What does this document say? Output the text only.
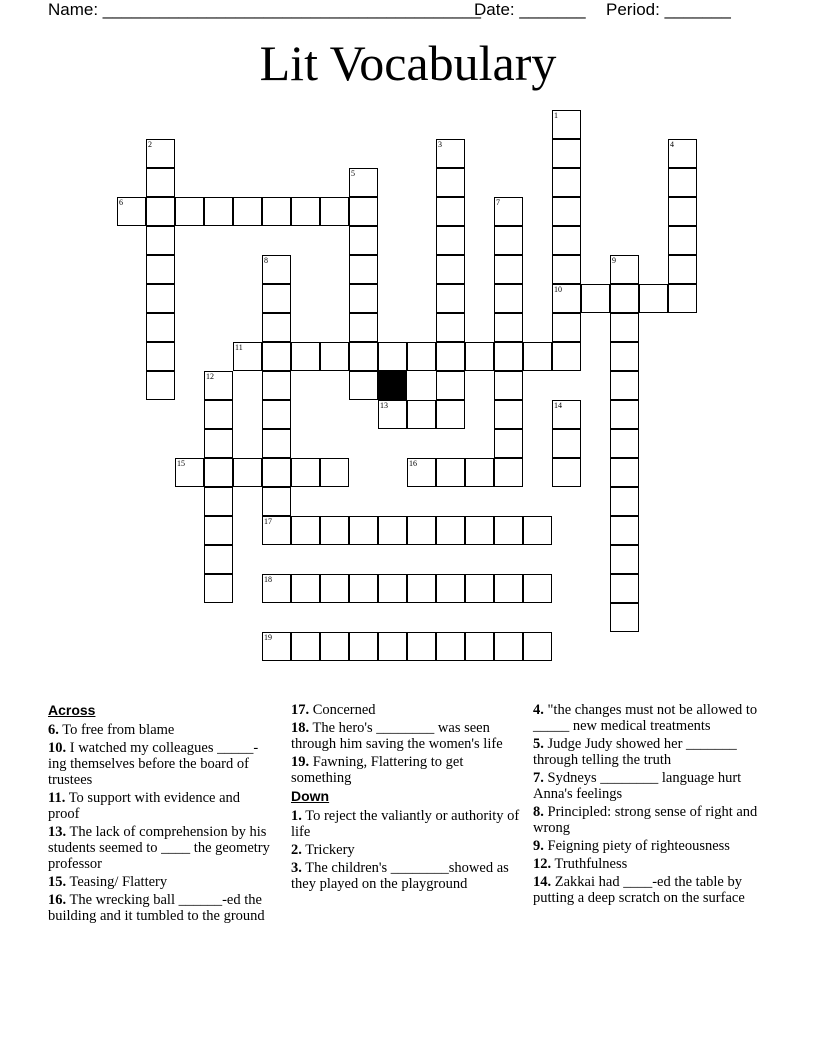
Name: ________________________________________
Date: _______ Period: _______
Lit Vocabulary
1
10
2	3	4
5
6	7
8
17
9
11
12
13	14
15	16
18
19
Across
6. To free from blame
10. I watched my colleagues _____-ing themselves before the board of trustees
11. To support with evidence and proof
13. The lack of comprehension by his students seemed to ____ the geometry professor
15. Teasing/ Flattery
16. The wrecking ball ______-ed the building and it tumbled to the ground
17. Concerned
18. The hero's ________ was seen through him saving the women's life
19. Fawning, Flattering to get something
Down
1. To reject the valiantly or authority of life
2. Trickery
3. The children's ________showed as they played on the playground
4. "the changes must not be allowed to _____ new medical treatments
5. Judge Judy showed her _______ through telling the truth
7. Sydneys ________ language hurt Anna's feelings
8. Principled: strong sense of right and wrong
9. Feigning piety of righteousness
12. Truthfulness
14. Zakkai had ____-ed the table by putting a deep scratch on the surface
